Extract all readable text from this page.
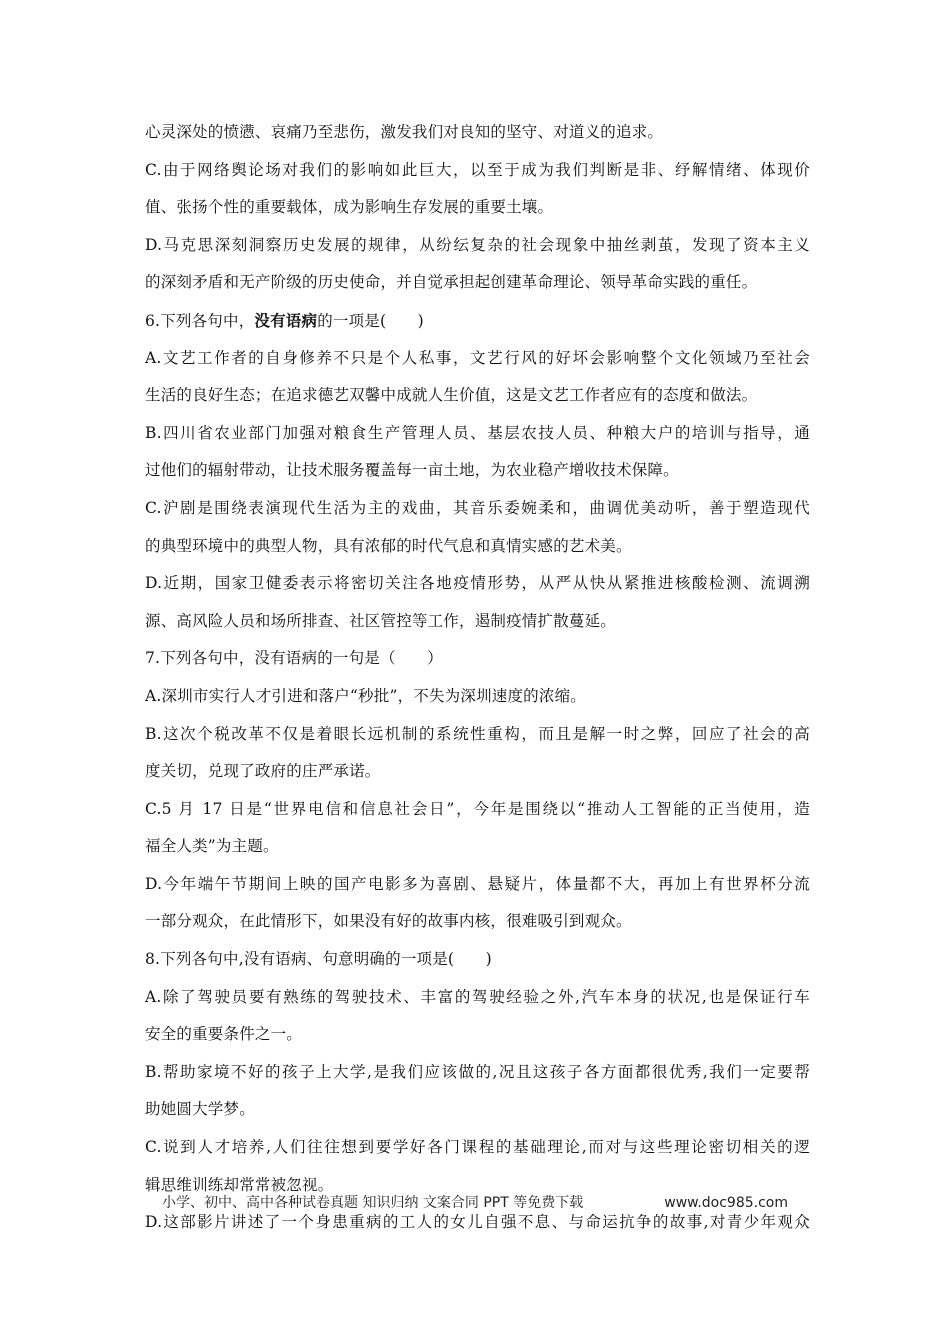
心灵深处的愤懑、哀痛乃至悲伤，激发我们对良知的坚守、对道义的追求。
C.由于网络舆论场对我们的影响如此巨大，以至于成为我们判断是非、纾解情绪、体现价
值、张扬个性的重要载体，成为影响生存发展的重要土壤。
D.马克思深刻洞察历史发展的规律，从纷纭复杂的社会现象中抽丝剥茧，发现了资本主义
的深刻矛盾和无产阶级的历史使命，并自觉承担起创建革命理论、领导革命实践的重任。
6.下列各句中，没有语病的一项是(　　)
A.文艺工作者的自身修养不只是个人私事，文艺行风的好坏会影响整个文化领域乃至社会
生活的良好生态；在追求德艺双馨中成就人生价值，这是文艺工作者应有的态度和做法。
B.四川省农业部门加强对粮食生产管理人员、基层农技人员、种粮大户的培训与指导，通
过他们的辐射带动，让技术服务覆盖每一亩土地，为农业稳产增收技术保障。
C.沪剧是围绕表演现代生活为主的戏曲，其音乐委婉柔和，曲调优美动听，善于塑造现代
的典型环境中的典型人物，具有浓郁的时代气息和真情实感的艺术美。
D.近期，国家卫健委表示将密切关注各地疫情形势，从严从快从紧推进核酸检测、流调溯
源、高风险人员和场所排查、社区管控等工作，遏制疫情扩散蔓延。
7.下列各句中，没有语病的一句是（　　）
A.深圳市实行人才引进和落户“秒批”，不失为深圳速度的浓缩。
B.这次个税改革不仅是着眼长远机制的系统性重构，而且是解一时之弊，回应了社会的高
度关切，兑现了政府的庄严承诺。
C.5 月 17 日是“世界电信和信息社会日”，今年是围绕以“推动人工智能的正当使用，造
福全人类”为主题。
D.今年端午节期间上映的国产电影多为喜剧、悬疑片，体量都不大，再加上有世界杯分流
一部分观众，在此情形下，如果没有好的故事内核，很难吸引到观众。
8.下列各句中,没有语病、句意明确的一项是(　　)
A.除了驾驶员要有熟练的驾驶技术、丰富的驾驶经验之外,汽车本身的状况,也是保证行车
安全的重要条件之一。
B.帮助家境不好的孩子上大学,是我们应该做的,况且这孩子各方面都很优秀,我们一定要帮
助她圆大学梦。
C.说到人才培养,人们往往想到要学好各门课程的基础理论,而对与这些理论密切相关的逻
辑思维训练却常常被忽视。
D.这部影片讲述了一个身患重病的工人的女儿自强不息、与命运抗争的故事,对青少年观众
小学、初中、高中各种试卷真题 知识归纳 文案合同 PPT 等免费下载	www.doc985.com
